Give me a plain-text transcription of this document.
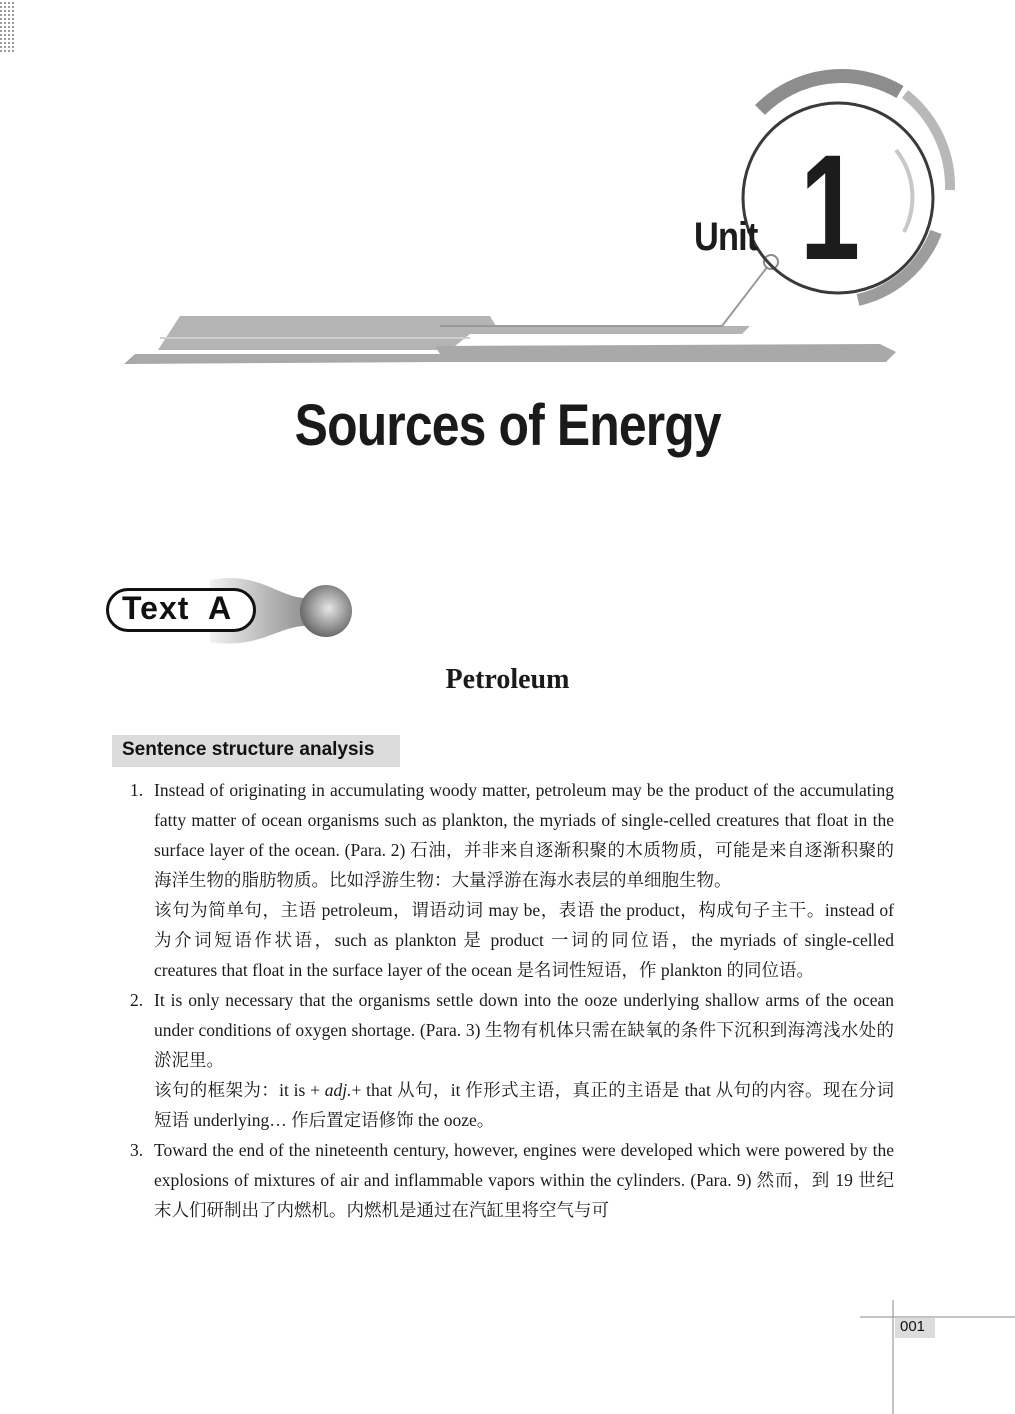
Unit 1
Sources of Energy
Text  A
Petroleum
Sentence structure analysis
1. Instead of originating in accumulating woody matter, petroleum may be the product of the accumulating fatty matter of ocean organisms such as plankton, the myriads of single-celled creatures that float in the surface layer of the ocean. (Para. 2) 石油，并非来自逐渐积聚的木质物质，可能是来自逐渐积聚的海洋生物的脂肪物质。比如浮游生物：大量浮游在海水表层的单细胞生物。

该句为简单句，主语 petroleum，谓语动词 may be，表语 the product，构成句子主干。instead of 为介词短语作状语，such as plankton 是 product 一词的同位语，the myriads of single-celled creatures that float in the surface layer of the ocean 是名词性短语，作 plankton 的同位语。

2. It is only necessary that the organisms settle down into the ooze underlying shallow arms of the ocean under conditions of oxygen shortage. (Para. 3) 生物有机体只需在缺氧的条件下沉积到海湾浅水处的淤泥里。

该句的框架为：it is + adj.+ that 从句，it 作形式主语，真正的主语是 that 从句的内容。现在分词短语 underlying… 作后置定语修饰 the ooze。

3. Toward the end of the nineteenth century, however, engines were developed which were powered by the explosions of mixtures of air and inflammable vapors within the cylinders. (Para. 9) 然而，到 19 世纪末人们研制出了内燃机。内燃机是通过在汽缸里将空气与可

001
